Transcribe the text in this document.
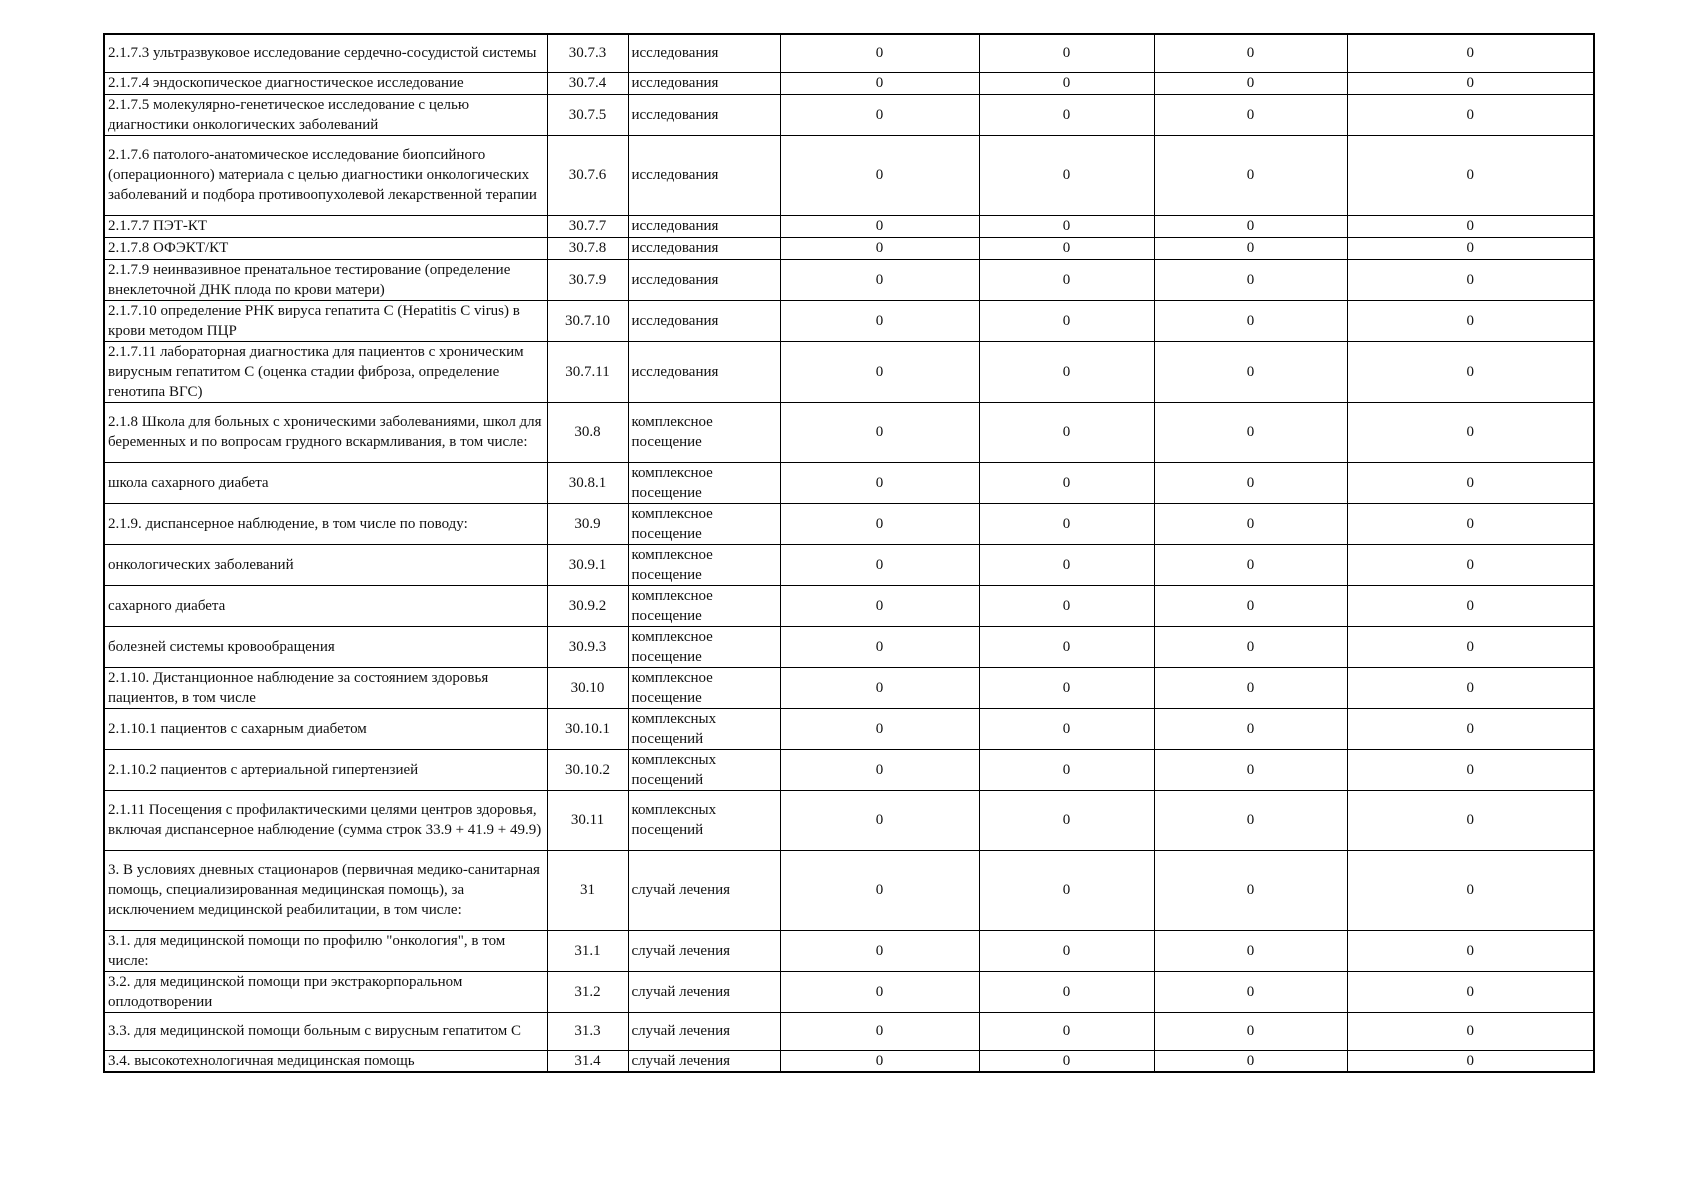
2.1.7.3 ультразвуковое исследование сердечно-сосудистой системы	30.7.3	исследования	0	0	0	0
2.1.7.4 эндоскопическое диагностическое исследование	30.7.4	исследования	0	0	0	0
2.1.7.5 молекулярно-генетическое исследование с целью диагностики онкологических заболеваний	30.7.5	исследования	0	0	0	0
2.1.7.6 патолого-анатомическое исследование биопсийного (операционного) материала с целью диагностики онкологических заболеваний и подбора противоопухолевой лекарственной терапии	30.7.6	исследования	0	0	0	0
2.1.7.7 ПЭТ-КТ	30.7.7	исследования	0	0	0	0
2.1.7.8 ОФЭКТ/КТ	30.7.8	исследования	0	0	0	0
2.1.7.9 неинвазивное пренатальное тестирование (определение внеклеточной ДНК плода по крови матери)	30.7.9	исследования	0	0	0	0
2.1.7.10 определение РНК вируса гепатита С (Hepatitis C virus) в крови методом ПЦР	30.7.10	исследования	0	0	0	0
2.1.7.11 лабораторная диагностика для пациентов с хроническим вирусным гепатитом С (оценка стадии фиброза, определение генотипа ВГС)	30.7.11	исследования	0	0	0	0
2.1.8 Школа для больных с хроническими заболеваниями, школ для беременных и по вопросам грудного вскармливания, в том числе:	30.8	комплексное посещение	0	0	0	0
школа сахарного диабета	30.8.1	комплексное посещение	0	0	0	0
2.1.9. диспансерное наблюдение, в том числе по поводу:	30.9	комплексное посещение	0	0	0	0
онкологических заболеваний	30.9.1	комплексное посещение	0	0	0	0
сахарного диабета	30.9.2	комплексное посещение	0	0	0	0
болезней системы кровообращения	30.9.3	комплексное посещение	0	0	0	0
2.1.10. Дистанционное наблюдение за состоянием здоровья пациентов, в том числе	30.10	комплексное посещение	0	0	0	0
2.1.10.1 пациентов с сахарным диабетом	30.10.1	комплексных посещений	0	0	0	0
2.1.10.2 пациентов с артериальной гипертензией	30.10.2	комплексных посещений	0	0	0	0
2.1.11 Посещения с профилактическими целями центров здоровья, включая диспансерное наблюдение (сумма строк 33.9 + 41.9 + 49.9)	30.11	комплексных посещений	0	0	0	0
3. В условиях дневных стационаров (первичная медико-санитарная помощь, специализированная медицинская помощь), за исключением медицинской реабилитации, в том числе:	31	случай лечения	0	0	0	0
3.1. для медицинской помощи по профилю "онкология", в том числе:	31.1	случай лечения	0	0	0	0
3.2. для медицинской помощи при экстракорпоральном оплодотворении	31.2	случай лечения	0	0	0	0
3.3. для медицинской помощи больным с вирусным гепатитом С	31.3	случай лечения	0	0	0	0
3.4. высокотехнологичная медицинская помощь	31.4	случай лечения	0	0	0	0
